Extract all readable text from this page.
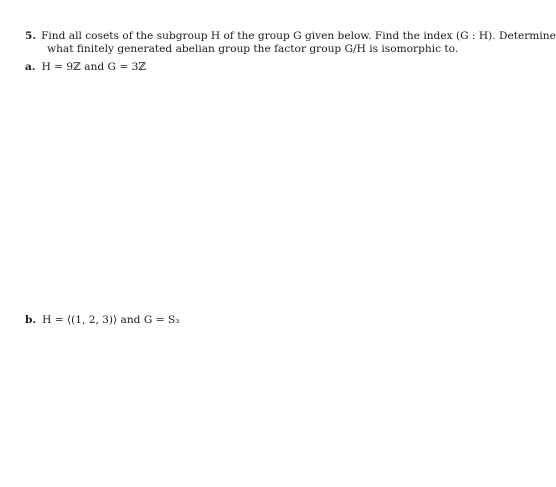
5. Find all cosets of the subgroup H of the group G given below. Find the index (G : H). Determine
what finitely generated abelian group the factor group G/H is isomorphic to.
a. H = 9ℤ and G = 3ℤ
b. H = ⟨(1, 2, 3)⟩ and G = S₃
